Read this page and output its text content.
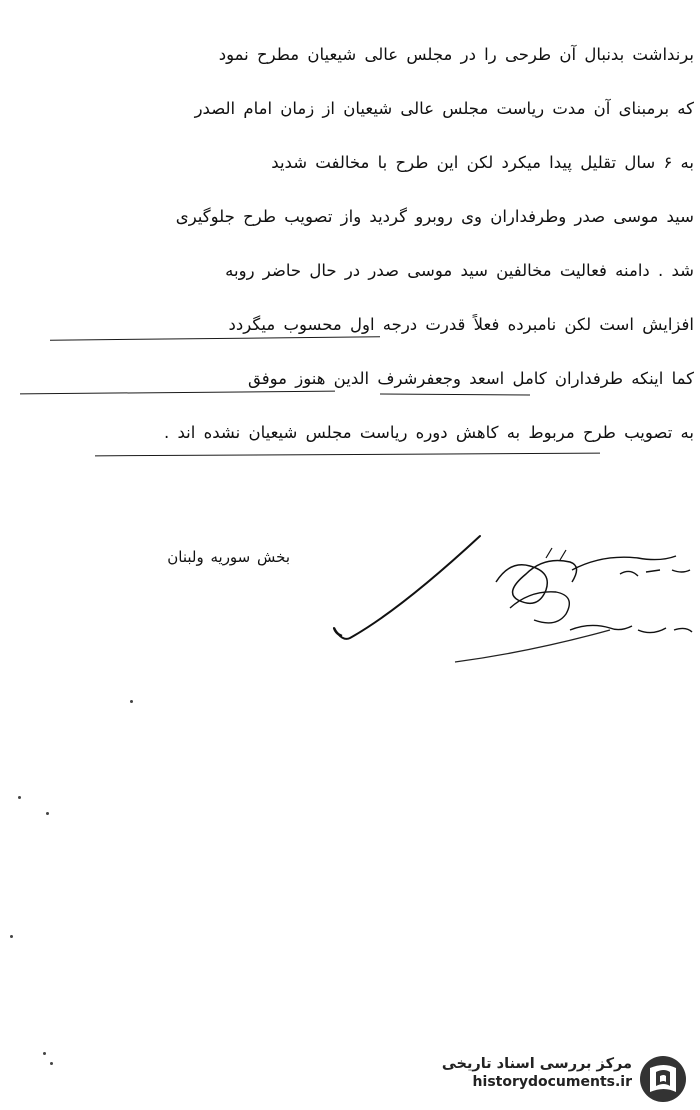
برنداشت بدنبال آن طرحی را در مجلس عالی شیعیان مطرح نمود
که برمبنای آن مدت ریاست مجلس عالی شیعیان از زمان امام الصدر
به ۶ سال تقلیل پیدا میکرد لکن این طرح با مخالفت شدید
سید موسی صدر وطرفداران وی روبرو گردید واز تصویب طرح جلوگیری
شد . دامنه فعالیت مخالفین سید موسی صدر در حال حاضر روبه
افزایش است لکن نامبرده فعلاً قدرت درجه اول محسوب میگردد
کما اینکه طرفداران کامل اسعد وجعفرشرف الدین هنوز موفق
به تصویب طرح مربوط به کاهش دوره ریاست مجلس شیعیان نشده اند .
بخش سوریه ولبنان
مرکز بررسی اسناد تاریخی
historydocuments.ir
